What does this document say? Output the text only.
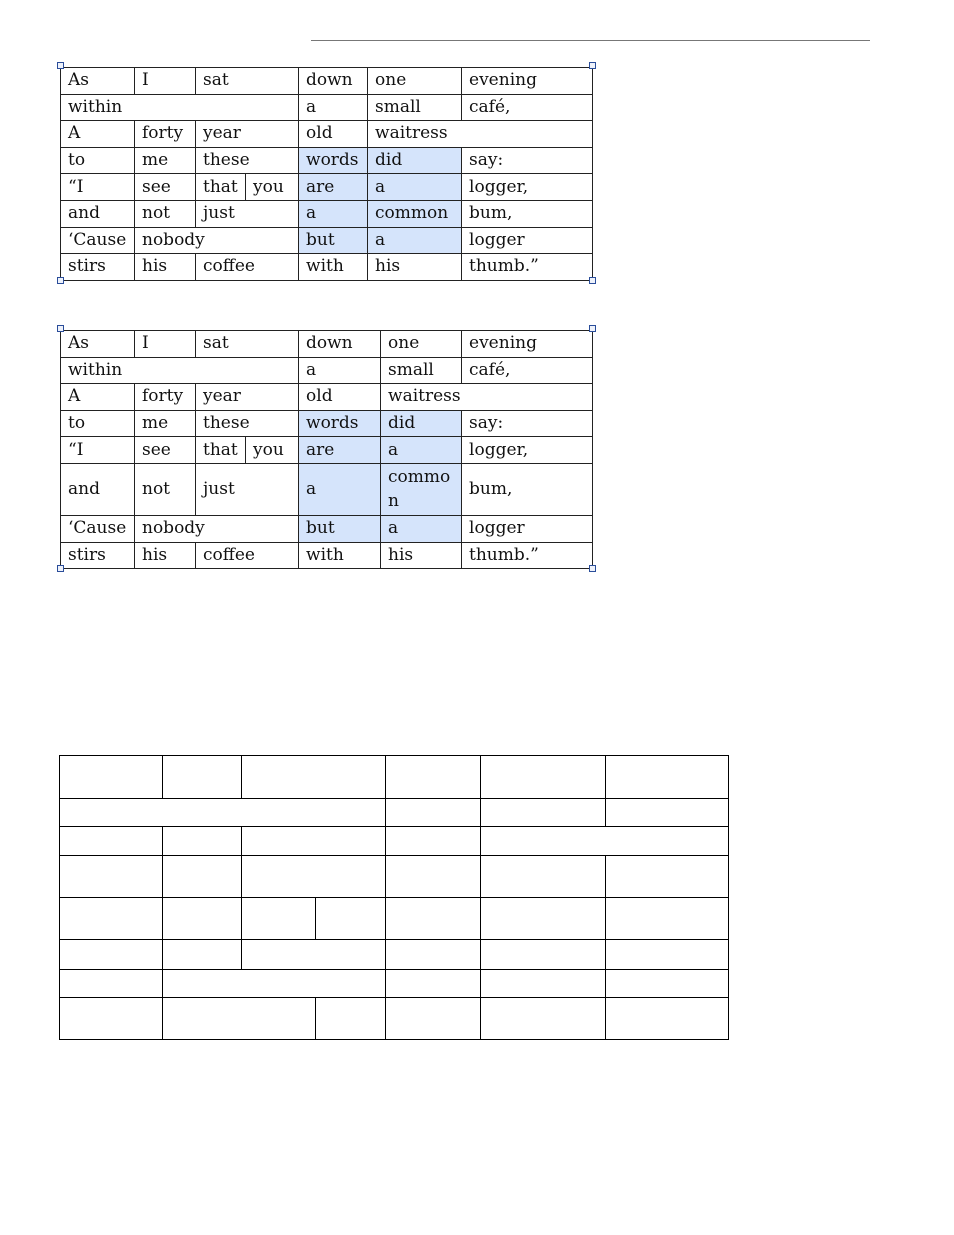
As	I	sat		down	one	evening
within				a	small	café,
A	forty	year		old	waitress	
to	me	these		words	did	say:
“I	see	that	you	are	a	logger,
and	not	just		a	common	bum,
‘Cause	nobody			but	a	logger
stirs	his	coffee		with	his	thumb.”
As	I	sat		down	one	evening
within				a	small	café,
A	forty	year		old	waitress	
to	me	these		words	did	say:
“I	see	that	you	are	a	logger,
and	not	just		a	common	bum,
‘Cause	nobody			but	a	logger
stirs	his	coffee		with	his	thumb.”
